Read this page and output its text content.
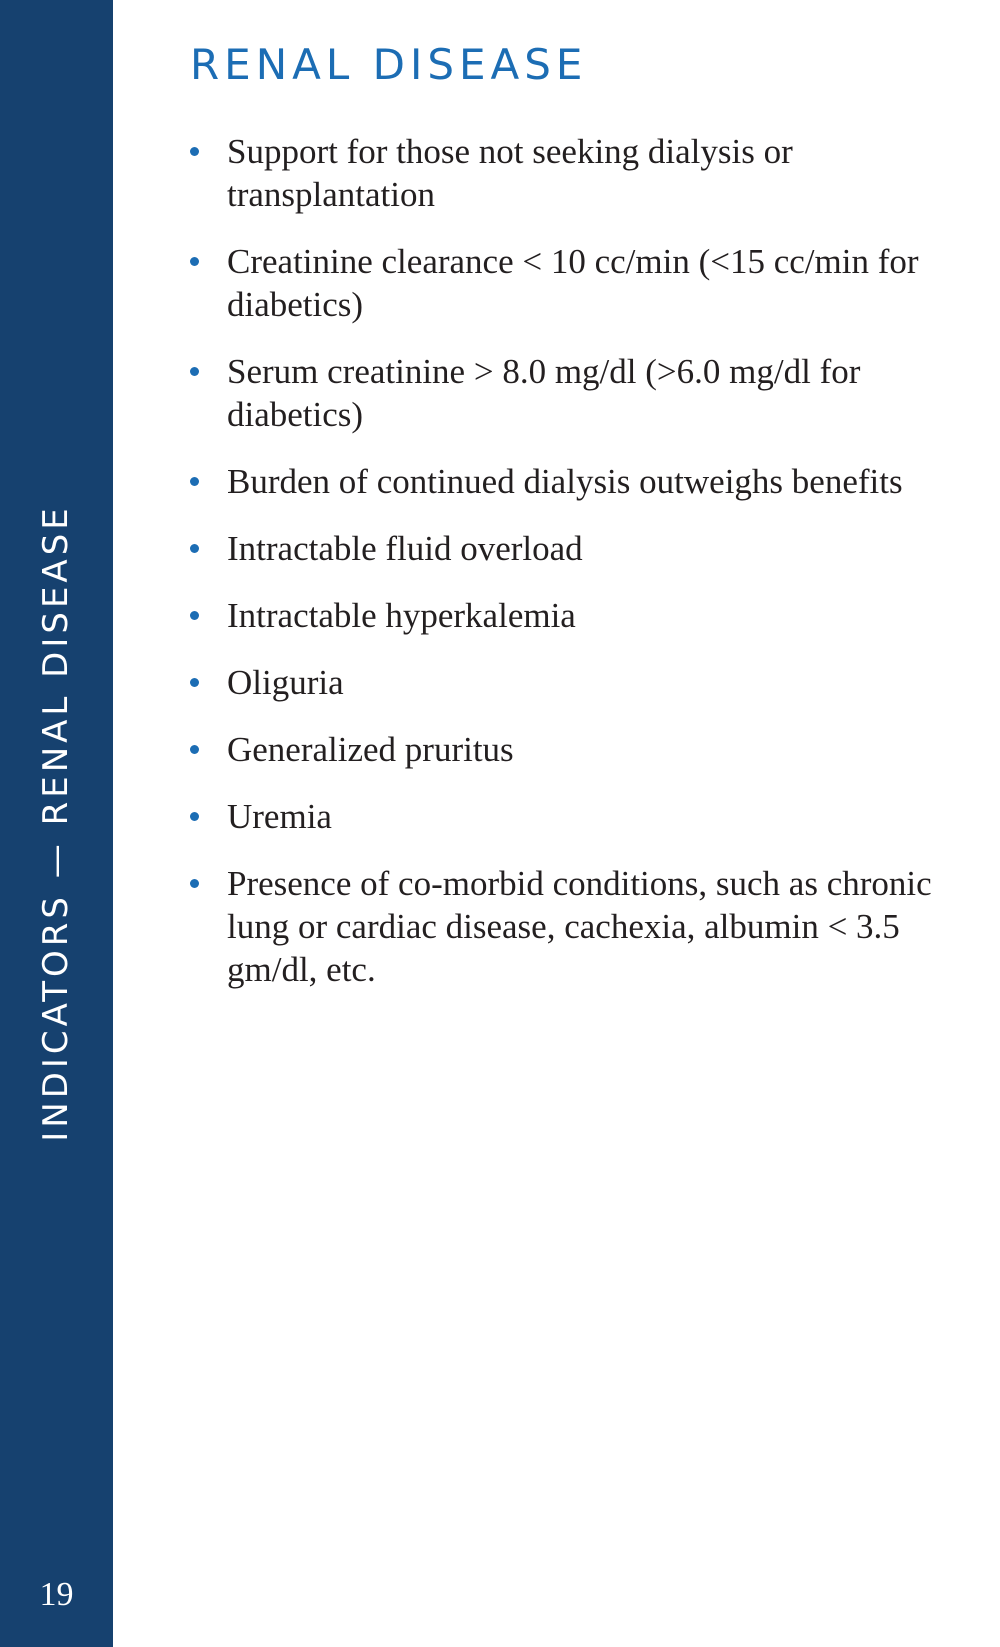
INDICATORS — RENAL DISEASE
19
RENAL DISEASE
Support for those not seeking dialysis or transplantation
Creatinine clearance < 10 cc/min (<15 cc/min for diabetics)
Serum creatinine > 8.0 mg/dl (>6.0 mg/dl for diabetics)
Burden of continued dialysis outweighs benefits
Intractable fluid overload
Intractable hyperkalemia
Oliguria
Generalized pruritus
Uremia
Presence of co-morbid conditions, such as chronic lung or cardiac disease, cachexia, albumin < 3.5 gm/dl, etc.
